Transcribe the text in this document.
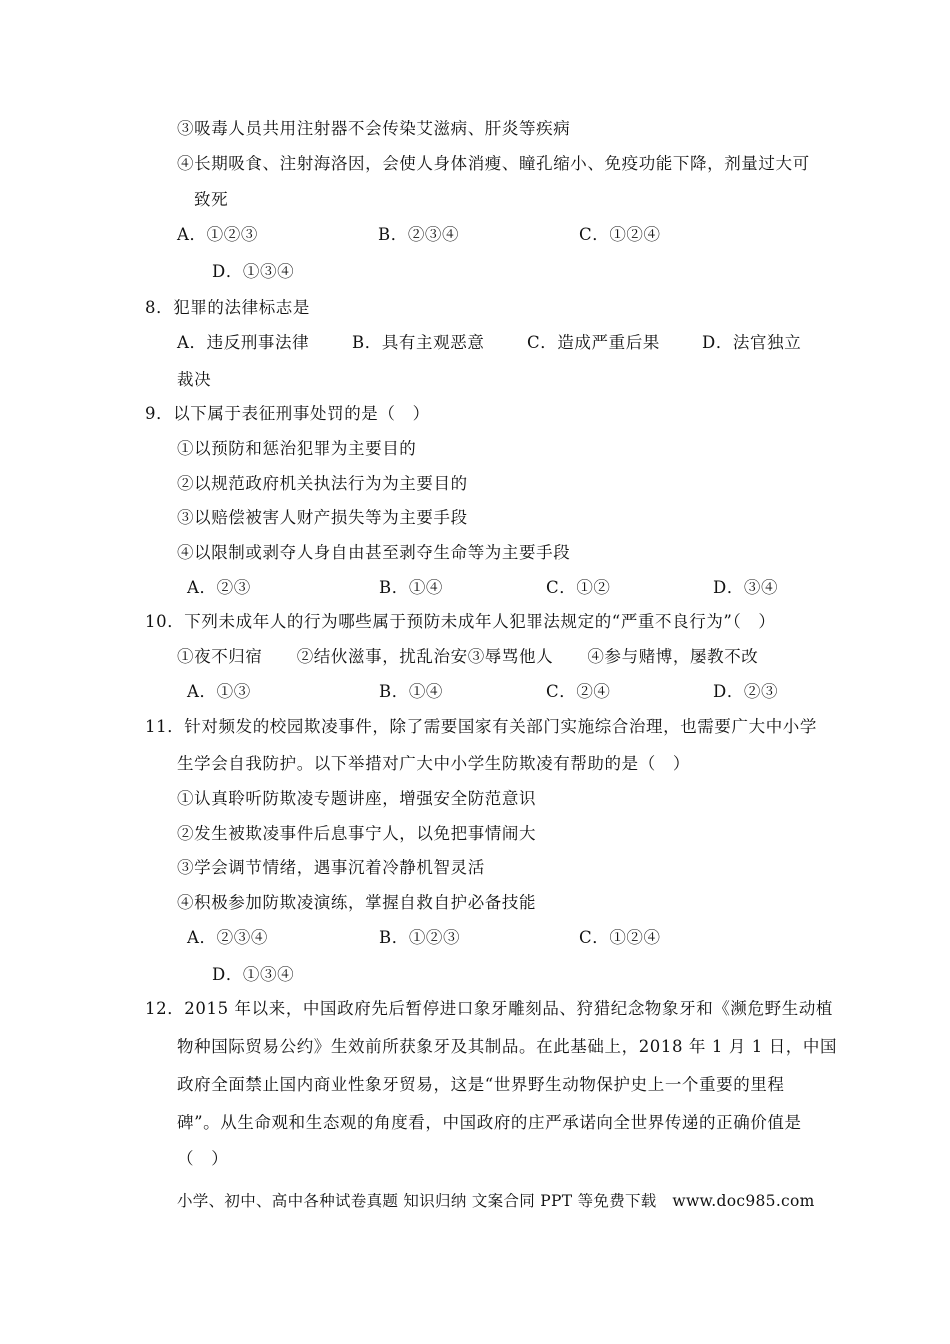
③吸毒人员共用注射器不会传染艾滋病、肝炎等疾病
④长期吸食、注射海洛因，会使人身体消瘦、瞳孔缩小、免疫功能下降，剂量过大可
致死
A．①②③	B．②③④	C．①②④
D．①③④
8．犯罪的法律标志是
A．违反刑事法律	B．具有主观恶意	C．造成严重后果	D．法官独立
裁决
9．以下属于表征刑事处罚的是（　）
①以预防和惩治犯罪为主要目的
②以规范政府机关执法行为为主要目的
③以赔偿被害人财产损失等为主要手段
④以限制或剥夺人身自由甚至剥夺生命等为主要手段
A．②③	B．①④	C．①②	D．③④
10．下列未成年人的行为哪些属于预防未成年人犯罪法规定的“严重不良行为”（　）
①夜不归宿　　②结伙滋事，扰乱治安③辱骂他人　　④参与赌博，屡教不改
A．①③	B．①④	C．②④	D．②③
11．针对频发的校园欺凌事件，除了需要国家有关部门实施综合治理，也需要广大中小学
生学会自我防护。以下举措对广大中小学生防欺凌有帮助的是（　）
①认真聆听防欺凌专题讲座，增强安全防范意识
②发生被欺凌事件后息事宁人，以免把事情闹大
③学会调节情绪，遇事沉着冷静机智灵活
④积极参加防欺凌演练，掌握自救自护必备技能
A．②③④	B．①②③	C．①②④
D．①③④
12．2015 年以来，中国政府先后暂停进口象牙雕刻品、狩猎纪念物象牙和《濒危野生动植
物种国际贸易公约》生效前所获象牙及其制品。在此基础上，2018 年 1 月 1 日，中国
政府全面禁止国内商业性象牙贸易，这是“世界野生动物保护史上一个重要的里程
碑”。从生命观和生态观的角度看，中国政府的庄严承诺向全世界传递的正确价值是
（　）
小学、初中、高中各种试卷真题 知识归纳 文案合同 PPT 等免费下载　www.doc985.com
